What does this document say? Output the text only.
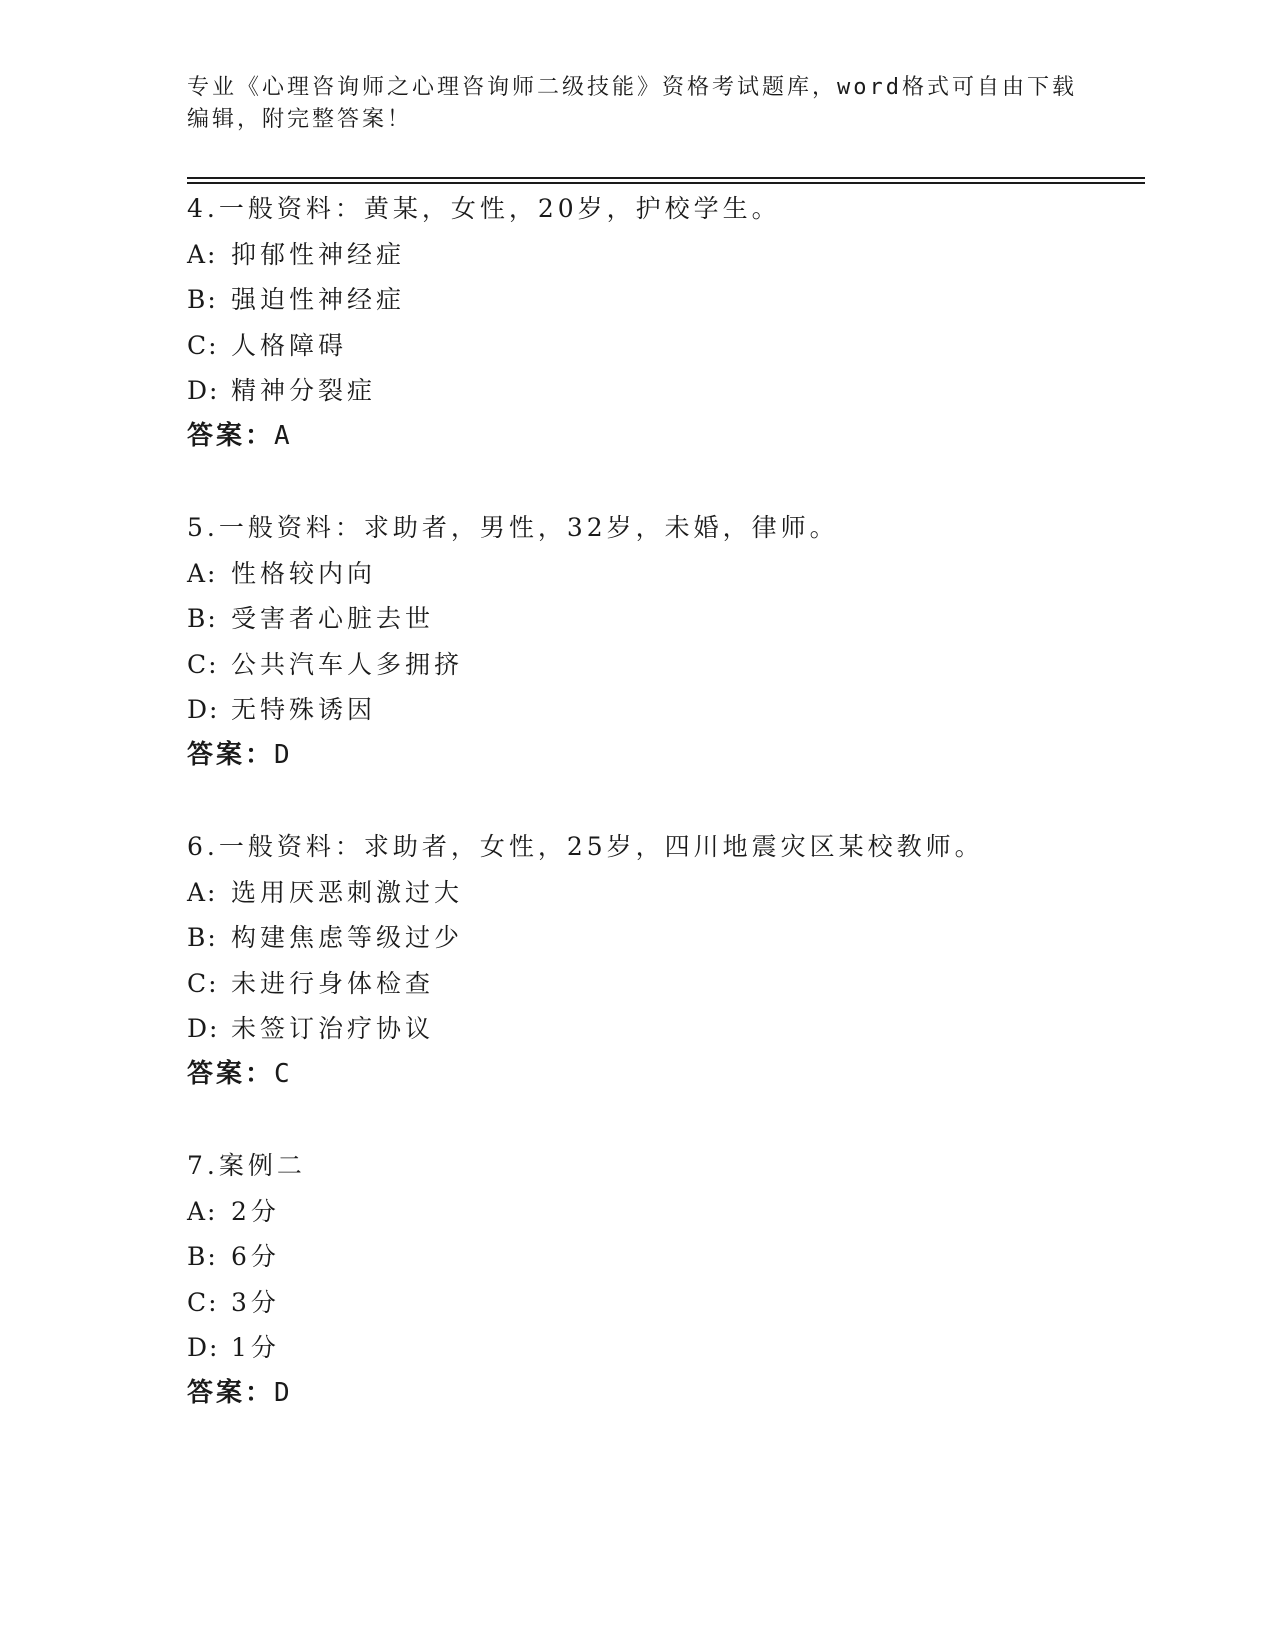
专业《心理咨询师之心理咨询师二级技能》资格考试题库，word格式可自由下载
编辑，附完整答案！
4.一般资料：黄某，女性，20岁，护校学生。
A: 抑郁性神经症
B: 强迫性神经症
C: 人格障碍
D: 精神分裂症
答案：A
5.一般资料：求助者，男性，32岁，未婚，律师。
A: 性格较内向
B: 受害者心脏去世
C: 公共汽车人多拥挤
D: 无特殊诱因
答案：D
6.一般资料：求助者，女性，25岁，四川地震灾区某校教师。
A: 选用厌恶刺激过大
B: 构建焦虑等级过少
C: 未进行身体检查
D: 未签订治疗协议
答案：C
7.案例二
A: 2分
B: 6分
C: 3分
D: 1分
答案：D
